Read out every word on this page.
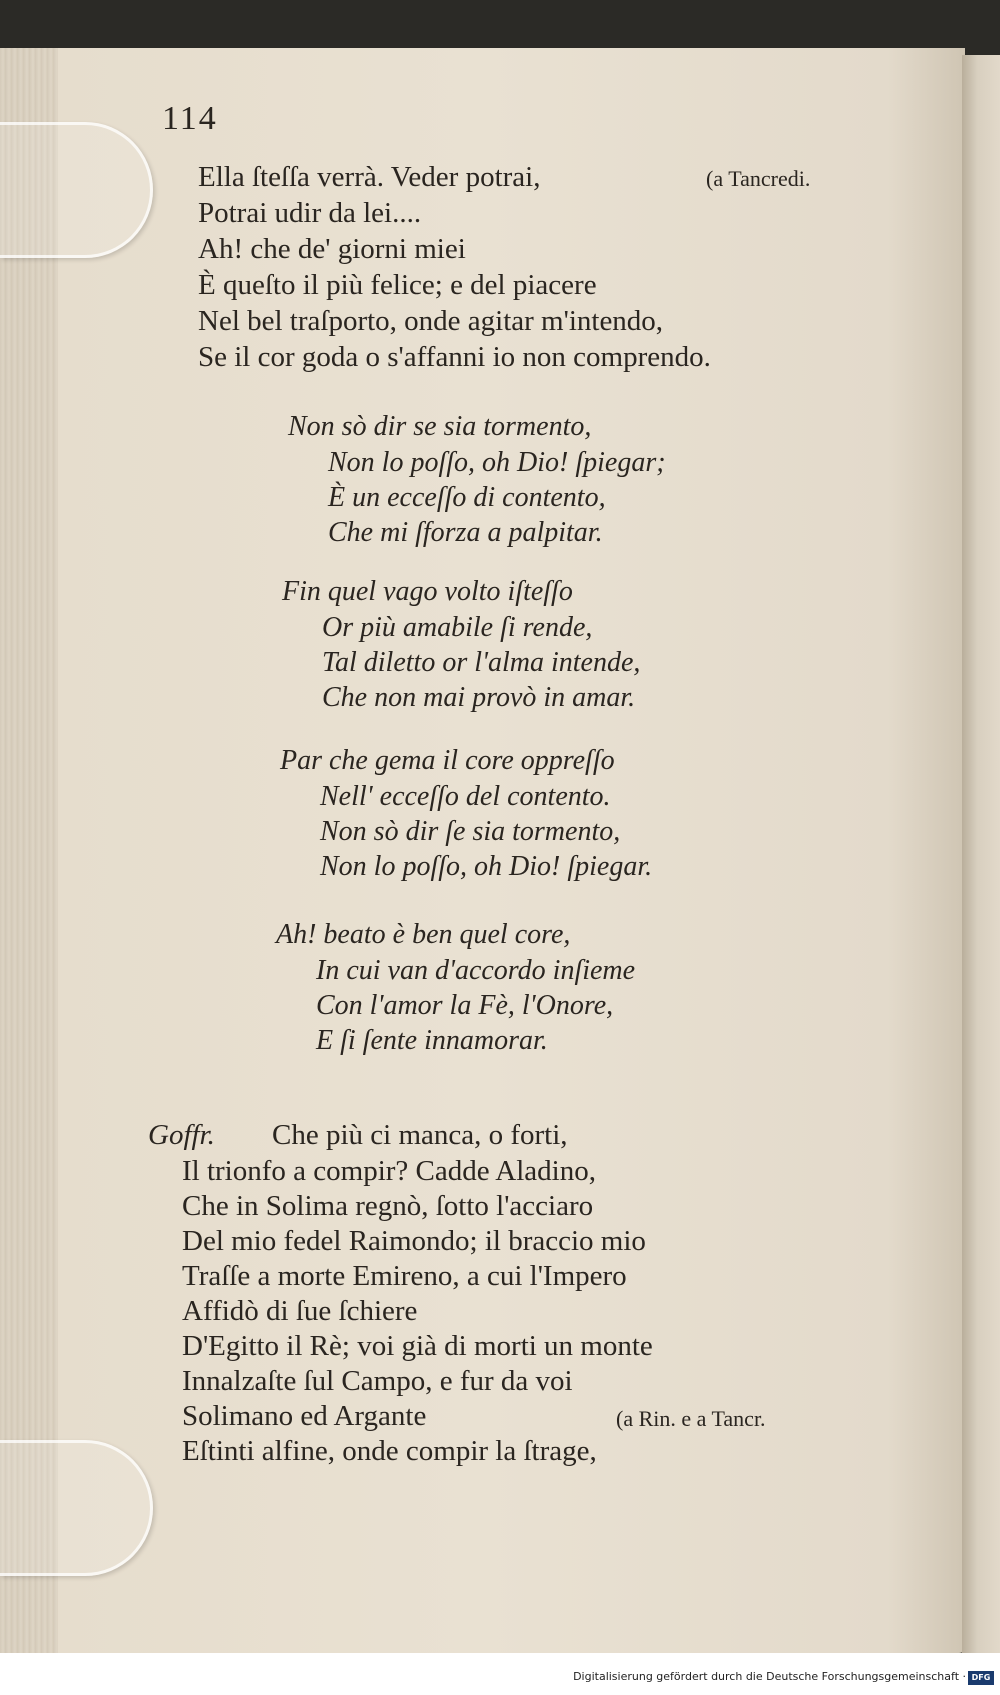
114
Ella ſteſſa verrà. Veder potrai,	(a Tancredi.
Potrai udir da lei....
Ah! che de' giorni miei
È queſto il più felice; e del piacere
Nel bel traſporto, onde agitar m'intendo,
Se il cor goda o s'affanni io non comprendo.
Non sò dir se sia tormento,
Non lo poſſo, oh Dio! ſpiegar;
È un ecceſſo di contento,
Che mi ſforza a palpitar.
Fin quel vago volto iſteſſo
Or più amabile ſi rende,
Tal diletto or l'alma intende,
Che non mai provò in amar.
Par che gema il core oppreſſo
Nell' ecceſſo del contento.
Non sò dir ſe sia tormento,
Non lo poſſo, oh Dio! ſpiegar.
Ah! beato è ben quel core,
In cui van d'accordo inſieme
Con l'amor la Fè, l'Onore,
E ſi ſente innamorar.
Goffr. Che più ci manca, o forti,
Il trionfo a compir? Cadde Aladino,
Che in Solima regnò, ſotto l'acciaro
Del mio fedel Raimondo; il braccio mio
Traſſe a morte Emireno, a cui l'Impero
Affidò di ſue ſchiere
D'Egitto il Rè; voi già di morti un monte
Innalzaſte ſul Campo, e fur da voi
Solimano ed Argante	(a Rin. e a Tancr.
Eſtinti alfine, onde compir la ſtrage,
Digitalisierung gefördert durch die Deutsche Forschungsgemeinschaft · DFG
